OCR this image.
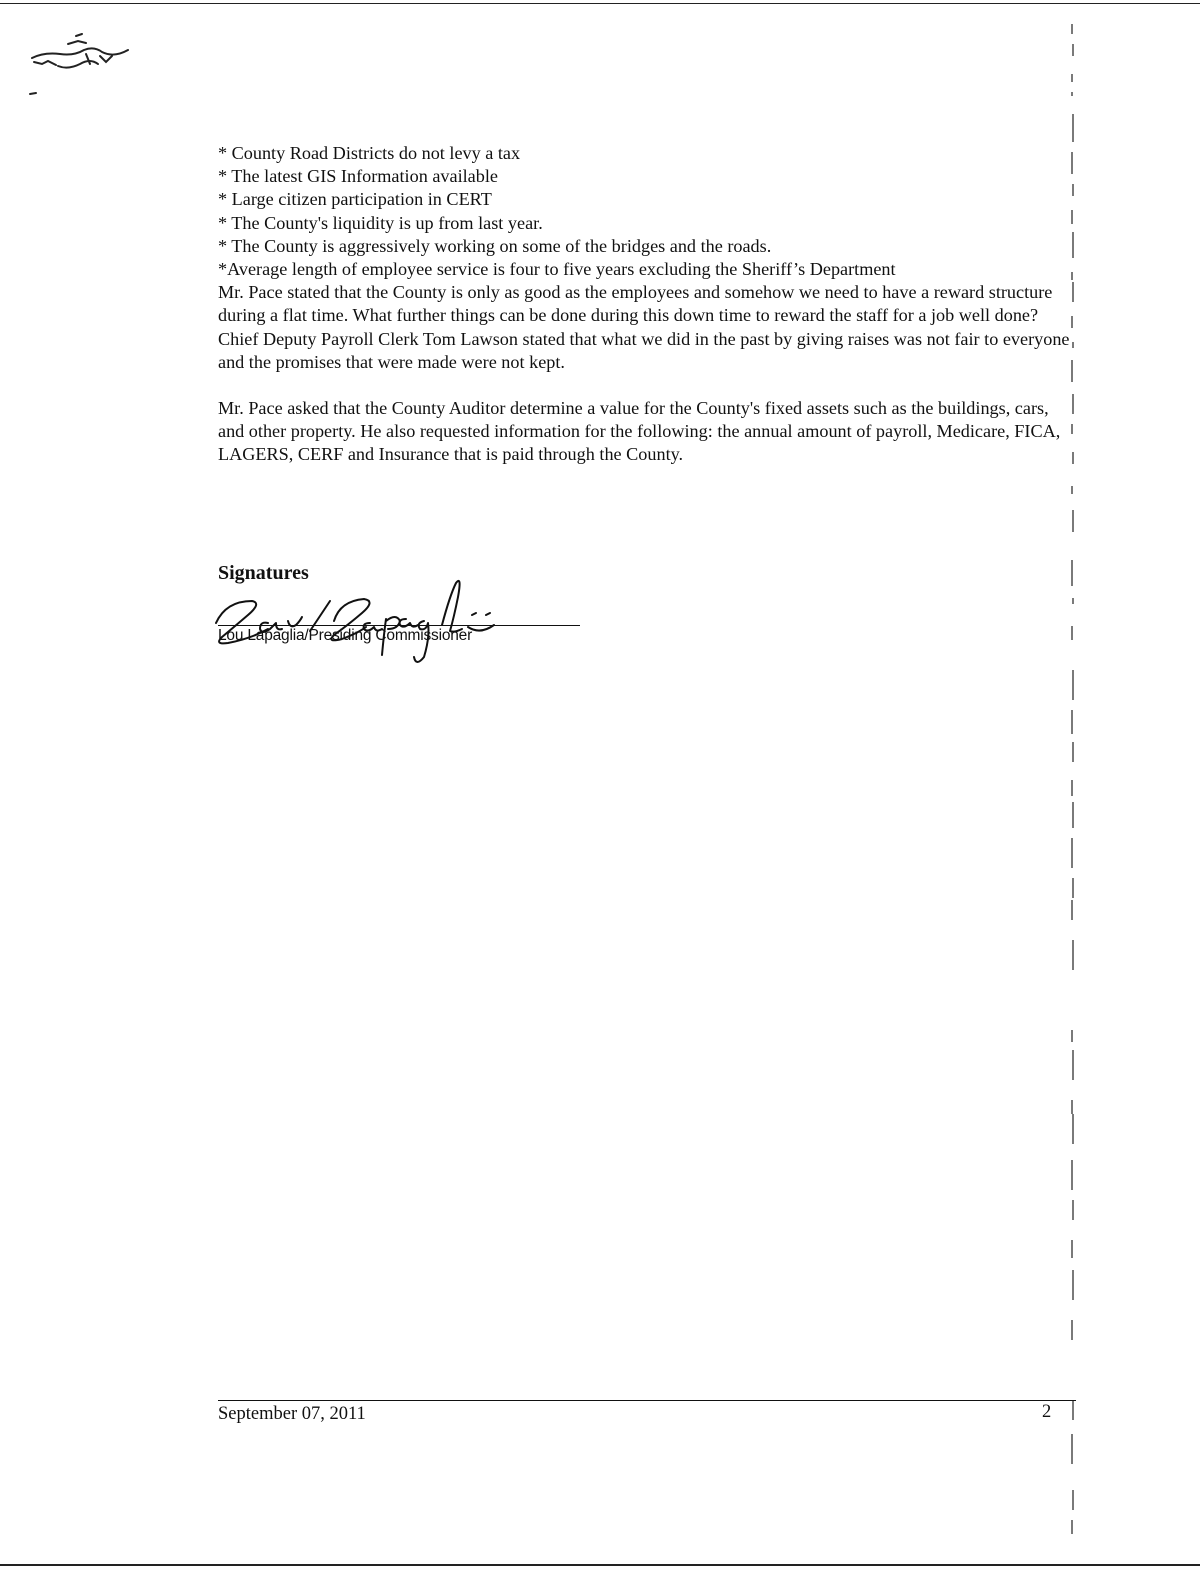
* County Road Districts do not levy a tax
* The latest GIS Information available
* Large citizen participation in CERT
* The County's liquidity is up from last year.
* The County is aggressively working on some of the bridges and the roads.
*Average length of employee service is four to five years excluding the Sheriff’s Department
Mr. Pace stated that the County is only as good as the employees and somehow we need to have a reward structure during a flat time. What further things can be done during this down time to reward the staff for a job well done?
Chief Deputy Payroll Clerk Tom Lawson stated that what we did in the past by giving raises was not fair to everyone and the promises that were made were not kept.
Mr. Pace asked that the County Auditor determine a value for the County's fixed assets such as the buildings, cars, and other property. He also requested information for the following: the annual amount of payroll, Medicare, FICA, LAGERS, CERF and Insurance that is paid through the County.
Signatures
Lou Lapaglia/Presiding Commissioner
September 07, 2011	2
